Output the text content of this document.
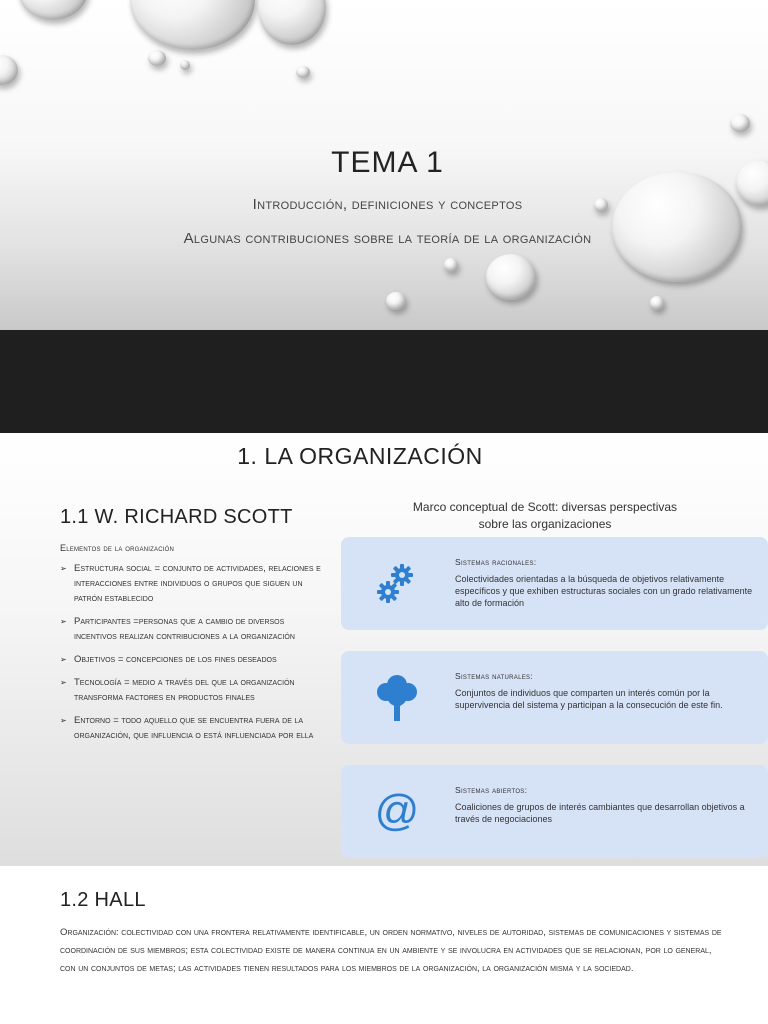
TEMA 1

Introducción, definiciones y conceptos

Algunas contribuciones sobre la teoría de la organización

1. LA ORGANIZACIÓN
1.1 W. RICHARD SCOTT
Elementos de la organización
➢ Estructura social = conjunto de actividades, relaciones e interacciones entre individuos o grupos que siguen un patrón establecido
➢ Participantes =personas que a cambio de diversos incentivos realizan contribuciones a la organización
➢ Objetivos = concepciones de los fines deseados
➢ Tecnología = medio a través del que la organización transforma factores en productos finales
➢ Entorno = todo aquello que se encuentra fuera de la organización, que influencia o está influenciada por ella
Marco conceptual de Scott: diversas perspectivas
sobre las organizaciones
Sistemas racionales:
Colectividades orientadas a la búsqueda de objetivos relativamente específicos y que exhiben estructuras sociales con un grado relativamente alto de formación
Sistemas naturales:
Conjuntos de individuos que comparten un interés común por la supervivencia del sistema y participan a la consecución de este fin.
@	Sistemas abiertos:
Coaliciones de grupos de interés cambiantes que desarrollan objetivos a través de negociaciones
1.2 HALL

Organización: colectividad con una frontera relativamente identificable, un orden normativo, niveles de autoridad, sistemas de comunicaciones y sistemas de coordinación de sus miembros; esta colectividad existe de manera continua en un ambiente y se involucra en actividades que se relacionan, por lo general, con un conjuntos de metas; las actividades tienen resultados para los miembros de la organización, la organización misma y la sociedad.
